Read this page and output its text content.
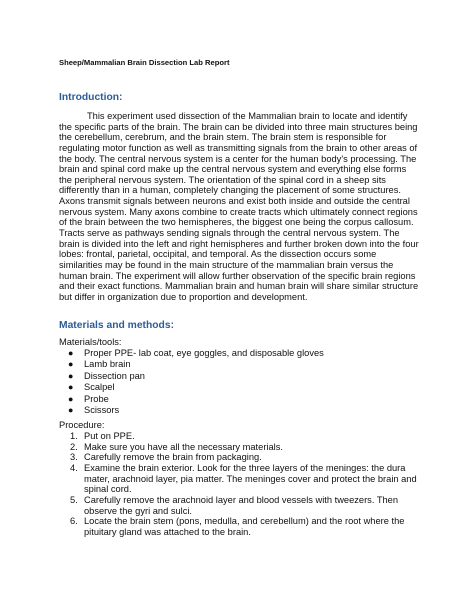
Sheep/Mammalian Brain Dissection Lab Report
Introduction:
This experiment used dissection of the Mammalian brain to locate and identify
the specific parts of the brain. The brain can be divided into three main structures being
the cerebellum, cerebrum, and the brain stem. The brain stem is responsible for
regulating motor function as well as transmitting signals from the brain to other areas of
the body. The central nervous system is a center for the human body's processing. The
brain and spinal cord make up the central nervous system and everything else forms
the peripheral nervous system. The orientation of the spinal cord in a sheep sits
differently than in a human, completely changing the placement of some structures.
Axons transmit signals between neurons and exist both inside and outside the central
nervous system. Many axons combine to create tracts which ultimately connect regions
of the brain between the two hemispheres, the biggest one being the corpus callosum.
Tracts serve as pathways sending signals through the central nervous system. The
brain is divided into the left and right hemispheres and further broken down into the four
lobes: frontal, parietal, occipital, and temporal. As the dissection occurs some
similarities may be found in the main structure of the mammalian brain versus the
human brain. The experiment will allow further observation of the specific brain regions
and their exact functions. Mammalian brain and human brain will share similar structure
but differ in organization due to proportion and development.
Materials and methods:
Materials/tools:
● Proper PPE- lab coat, eye goggles, and disposable gloves
● Lamb brain
● Dissection pan
● Scalpel
● Probe
● Scissors
Procedure:
1. Put on PPE.
2. Make sure you have all the necessary materials.
3. Carefully remove the brain from packaging.
4. Examine the brain exterior. Look for the three layers of the meninges: the dura
mater, arachnoid layer, pia matter. The meninges cover and protect the brain and
spinal cord.
5. Carefully remove the arachnoid layer and blood vessels with tweezers. Then
observe the gyri and sulci.
6. Locate the brain stem (pons, medulla, and cerebellum) and the root where the
pituitary gland was attached to the brain.
